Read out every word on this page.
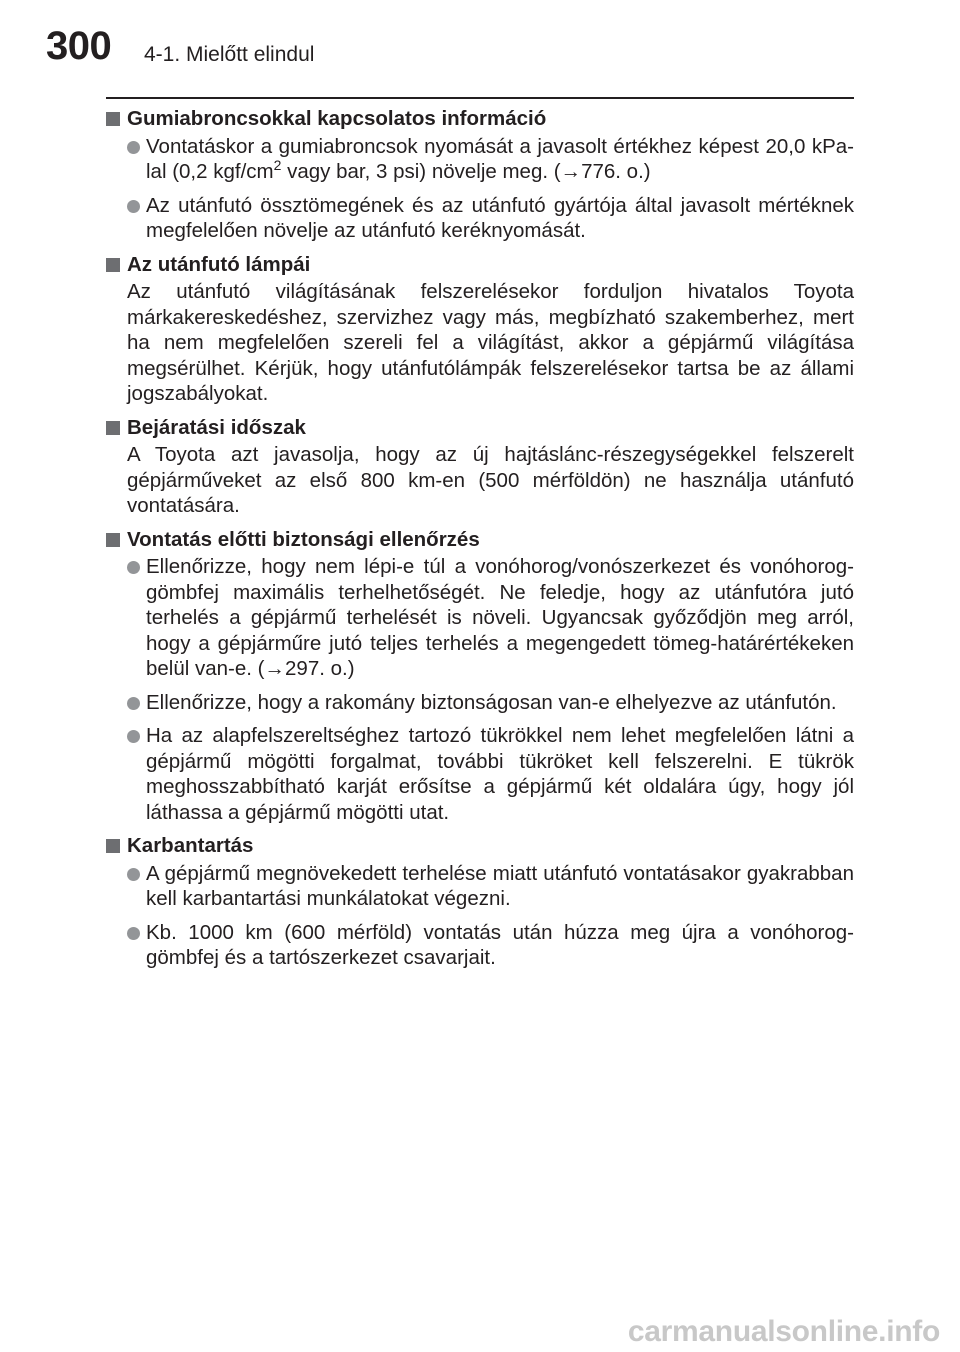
300 4-1. Mielőtt elindul
Gumiabroncsokkal kapcsolatos információ
Vontatáskor a gumiabroncsok nyomását a javasolt értékhez képest 20,0 kPa-lal (0,2 kgf/$cm^2$ vagy bar, 3 psi) növelje meg. (→776. o.)
Az utánfutó össztömegének és az utánfutó gyártója által javasolt mértéknek megfelelően növelje az utánfutó keréknyomását.
Az utánfutó lámpái
Az utánfutó világításának felszerelésekor forduljon hivatalos Toyota márkakereskedéshez, szervizhez vagy más, megbízható szakemberhez, mert ha nem megfelelően szereli fel a világítást, akkor a gépjármű világítása megsérülhet. Kérjük, hogy utánfutólámpák felszerelésekor tartsa be az állami jogszabályokat.
Bejáratási időszak
A Toyota azt javasolja, hogy az új hajtáslánc-részegységekkel felszerelt gépjárműveket az első 800 km-en (500 mérföldön) ne használja utánfutó vontatására.
Vontatás előtti biztonsági ellenőrzés
Ellenőrizze, hogy nem lépi-e túl a vonóhorog/vonószerkezet és vonóhorog-gömbfej maximális terhelhetőségét. Ne feledje, hogy az utánfutóra jutó terhelés a gépjármű terhelését is növeli. Ugyancsak győződjön meg arról, hogy a gépjárműre jutó teljes terhelés a megengedett tömeg-határértékeken belül van-e. (→297. o.)
Ellenőrizze, hogy a rakomány biztonságosan van-e elhelyezve az utánfutón.
Ha az alapfelszereltséghez tartozó tükrökkel nem lehet megfelelően látni a gépjármű mögötti forgalmat, további tükröket kell felszerelni. E tükrök meghosszabbítható karját erősítse a gépjármű két oldalára úgy, hogy jól láthassa a gépjármű mögötti utat.
Karbantartás
A gépjármű megnövekedett terhelése miatt utánfutó vontatásakor gyakrabban kell karbantartási munkálatokat végezni.
Kb. 1000 km (600 mérföld) vontatás után húzza meg újra a vonóhorog-gömbfej és a tartószerkezet csavarjait.
carmanualsonline.info
